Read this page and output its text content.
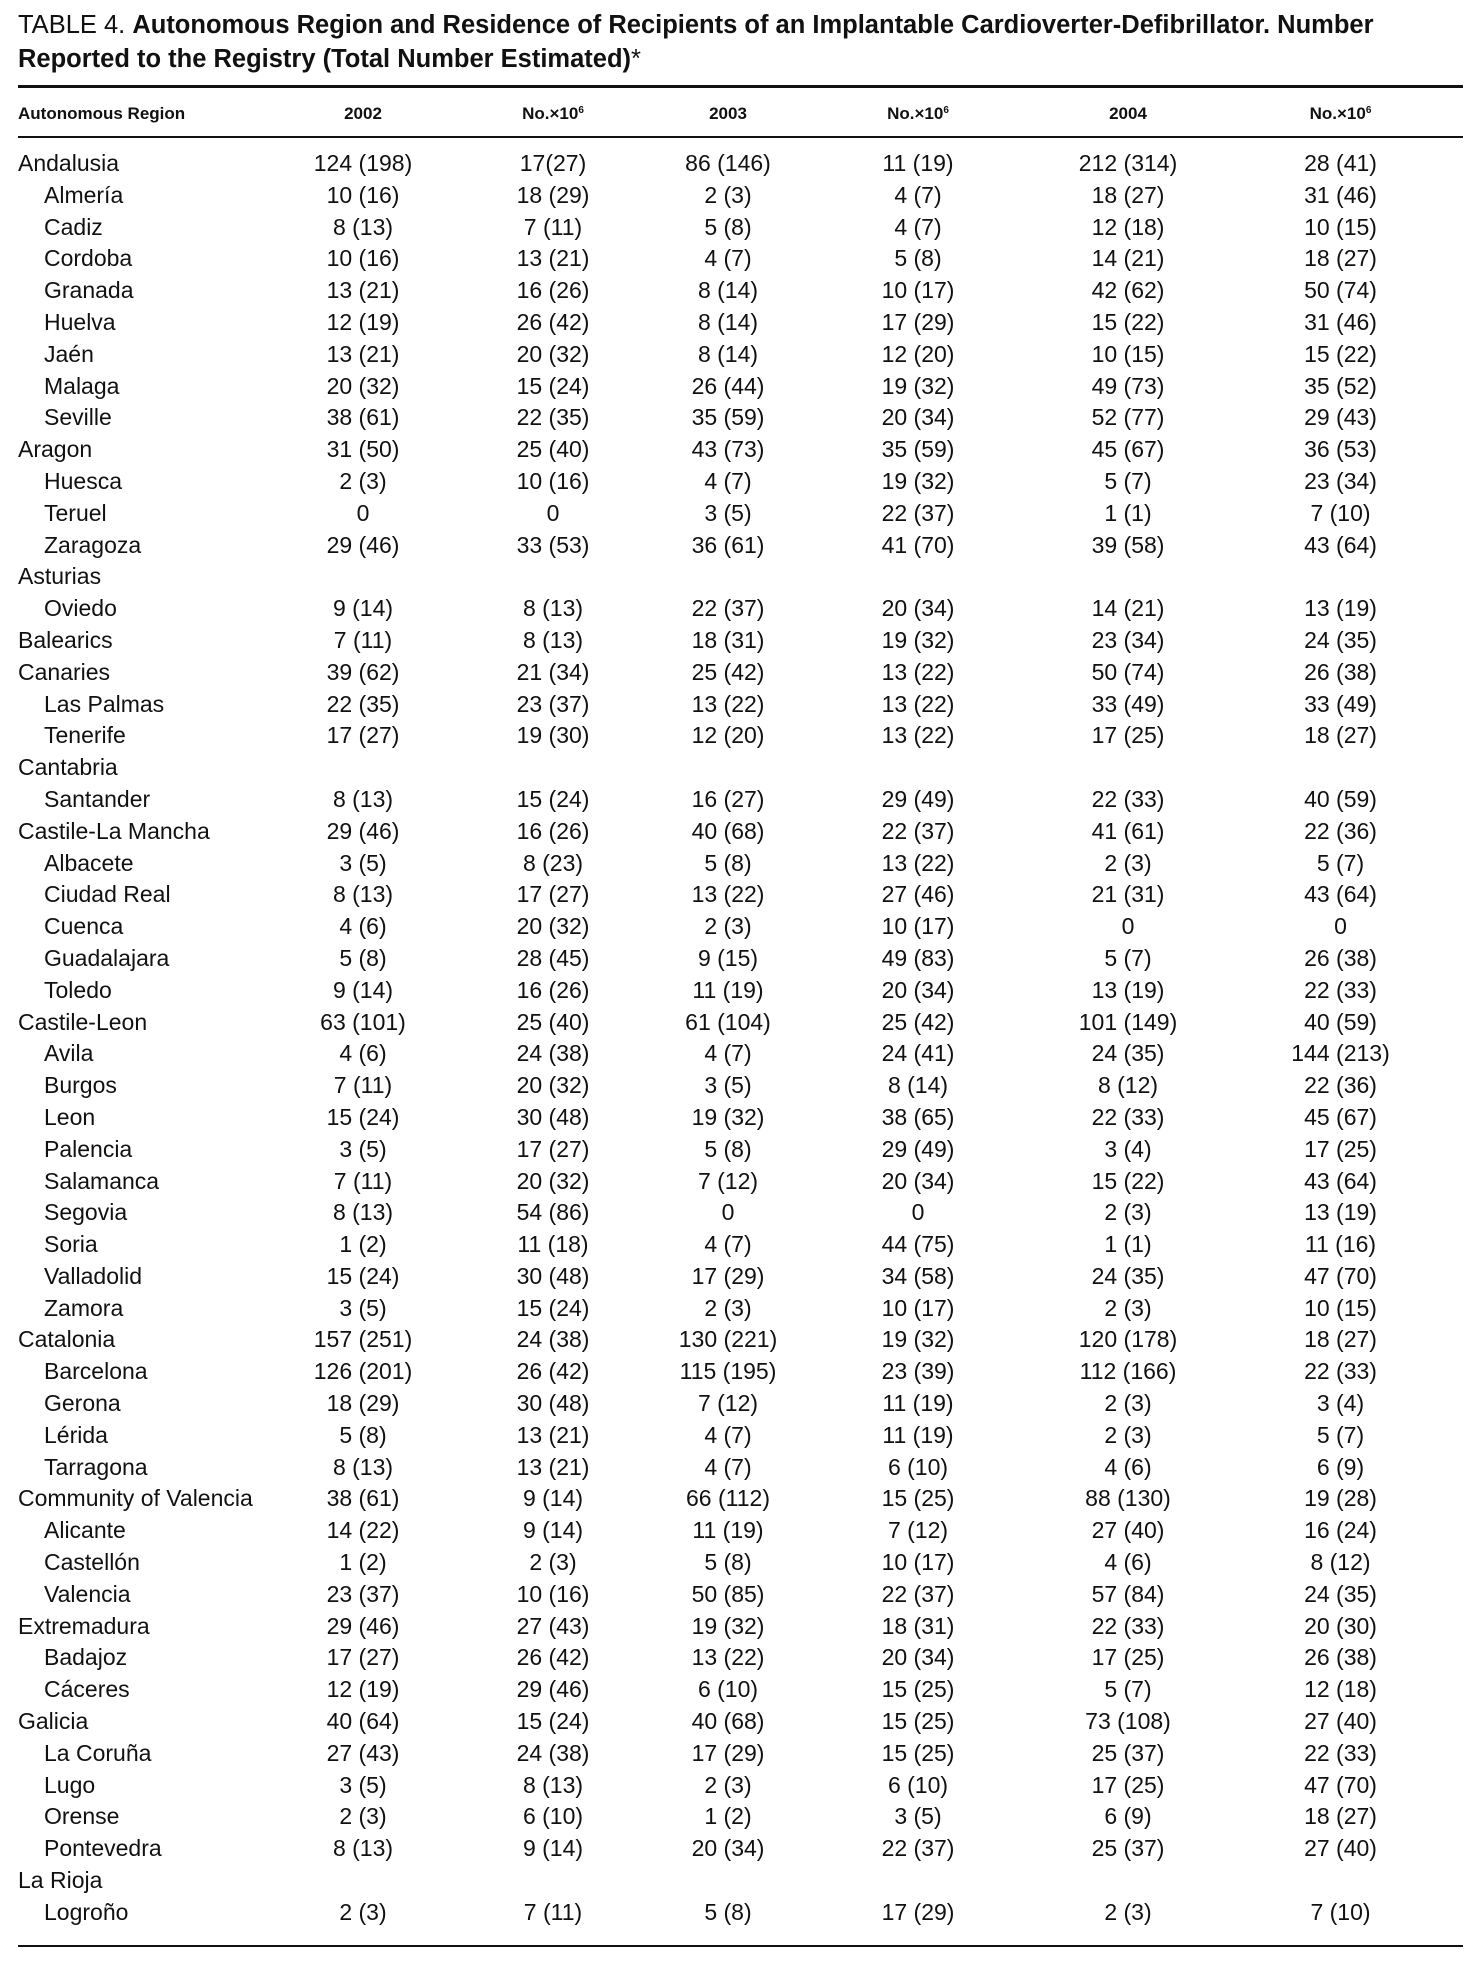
TABLE 4. Autonomous Region and Residence of Recipients of an Implantable Cardioverter-Defibrillator. Number Reported to the Registry (Total Number Estimated)*
Autonomous Region	2002	$No.\times 10^6$	2003	$No.\times 10^6$	2004	$No.\times 10^6$

Andalusia	124 (198)	17(27)	86 (146)	11 (19)	212 (314)	28 (41)
Almería	10 (16)	18 (29)	2 (3)	4 (7)	18 (27)	31 (46)
Cadiz	8 (13)	7 (11)	5 (8)	4 (7)	12 (18)	10 (15)
Cordoba	10 (16)	13 (21)	4 (7)	5 (8)	14 (21)	18 (27)
Granada	13 (21)	16 (26)	8 (14)	10 (17)	42 (62)	50 (74)
Huelva	12 (19)	26 (42)	8 (14)	17 (29)	15 (22)	31 (46)
Jaén	13 (21)	20 (32)	8 (14)	12 (20)	10 (15)	15 (22)
Malaga	20 (32)	15 (24)	26 (44)	19 (32)	49 (73)	35 (52)
Seville	38 (61)	22 (35)	35 (59)	20 (34)	52 (77)	29 (43)
Aragon	31 (50)	25 (40)	43 (73)	35 (59)	45 (67)	36 (53)
Huesca	2 (3)	10 (16)	4 (7)	19 (32)	5 (7)	23 (34)
Teruel	0	0	3 (5)	22 (37)	1 (1)	7 (10)
Zaragoza	29 (46)	33 (53)	36 (61)	41 (70)	39 (58)	43 (64)
Asturias						
Oviedo	9 (14)	8 (13)	22 (37)	20 (34)	14 (21)	13 (19)
Balearics	7 (11)	8 (13)	18 (31)	19 (32)	23 (34)	24 (35)
Canaries	39 (62)	21 (34)	25 (42)	13 (22)	50 (74)	26 (38)
Las Palmas	22 (35)	23 (37)	13 (22)	13 (22)	33 (49)	33 (49)
Tenerife	17 (27)	19 (30)	12 (20)	13 (22)	17 (25)	18 (27)
Cantabria						
Santander	8 (13)	15 (24)	16 (27)	29 (49)	22 (33)	40 (59)
Castile-La Mancha	29 (46)	16 (26)	40 (68)	22 (37)	41 (61)	22 (36)
Albacete	3 (5)	8 (23)	5 (8)	13 (22)	2 (3)	5 (7)
Ciudad Real	8 (13)	17 (27)	13 (22)	27 (46)	21 (31)	43 (64)
Cuenca	4 (6)	20 (32)	2 (3)	10 (17)	0	0
Guadalajara	5 (8)	28 (45)	9 (15)	49 (83)	5 (7)	26 (38)
Toledo	9 (14)	16 (26)	11 (19)	20 (34)	13 (19)	22 (33)
Castile-Leon	63 (101)	25 (40)	61 (104)	25 (42)	101 (149)	40 (59)
Avila	4 (6)	24 (38)	4 (7)	24 (41)	24 (35)	144 (213)
Burgos	7 (11)	20 (32)	3 (5)	8 (14)	8 (12)	22 (36)
Leon	15 (24)	30 (48)	19 (32)	38 (65)	22 (33)	45 (67)
Palencia	3 (5)	17 (27)	5 (8)	29 (49)	3 (4)	17 (25)
Salamanca	7 (11)	20 (32)	7 (12)	20 (34)	15 (22)	43 (64)
Segovia	8 (13)	54 (86)	0	0	2 (3)	13 (19)
Soria	1 (2)	11 (18)	4 (7)	44 (75)	1 (1)	11 (16)
Valladolid	15 (24)	30 (48)	17 (29)	34 (58)	24 (35)	47 (70)
Zamora	3 (5)	15 (24)	2 (3)	10 (17)	2 (3)	10 (15)
Catalonia	157 (251)	24 (38)	130 (221)	19 (32)	120 (178)	18 (27)
Barcelona	126 (201)	26 (42)	115 (195)	23 (39)	112 (166)	22 (33)
Gerona	18 (29)	30 (48)	7 (12)	11 (19)	2 (3)	3 (4)
Lérida	5 (8)	13 (21)	4 (7)	11 (19)	2 (3)	5 (7)
Tarragona	8 (13)	13 (21)	4 (7)	6 (10)	4 (6)	6 (9)
Community of Valencia	38 (61)	9 (14)	66 (112)	15 (25)	88 (130)	19 (28)
Alicante	14 (22)	9 (14)	11 (19)	7 (12)	27 (40)	16 (24)
Castellón	1 (2)	2 (3)	5 (8)	10 (17)	4 (6)	8 (12)
Valencia	23 (37)	10 (16)	50 (85)	22 (37)	57 (84)	24 (35)
Extremadura	29 (46)	27 (43)	19 (32)	18 (31)	22 (33)	20 (30)
Badajoz	17 (27)	26 (42)	13 (22)	20 (34)	17 (25)	26 (38)
Cáceres	12 (19)	29 (46)	6 (10)	15 (25)	5 (7)	12 (18)
Galicia	40 (64)	15 (24)	40 (68)	15 (25)	73 (108)	27 (40)
La Coruña	27 (43)	24 (38)	17 (29)	15 (25)	25 (37)	22 (33)
Lugo	3 (5)	8 (13)	2 (3)	6 (10)	17 (25)	47 (70)
Orense	2 (3)	6 (10)	1 (2)	3 (5)	6 (9)	18 (27)
Pontevedra	8 (13)	9 (14)	20 (34)	22 (37)	25 (37)	27 (40)
La Rioja						
Logroño	2 (3)	7 (11)	5 (8)	17 (29)	2 (3)	7 (10)
